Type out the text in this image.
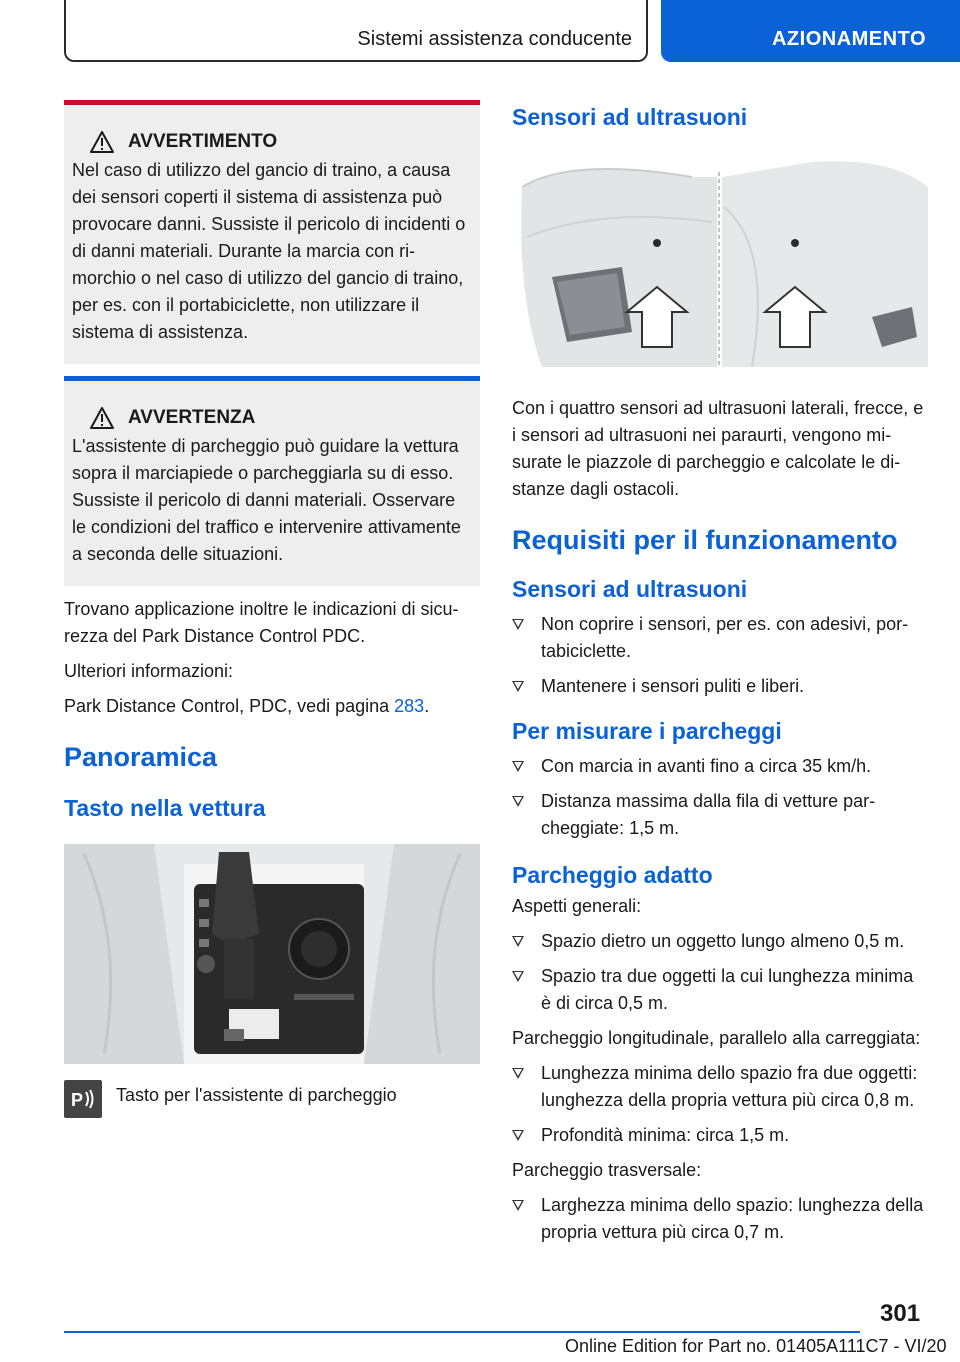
Sistemi assistenza conducente	AZIONAMENTO
AVVERTIMENTO

Nel caso di utilizzo del gancio di traino, a causa dei sensori coperti il sistema di assistenza può provocare danni. Sussiste il pericolo di incidenti o di danni materiali. Durante la marcia con rimorchio o nel caso di utilizzo del gancio di traino, per es. con il portabiciclette, non utilizzare il sistema di assistenza.

AVVERTENZA

L'assistente di parcheggio può guidare la vettura sopra il marciapiede o parcheggiarla su di esso. Sussiste il pericolo di danni materiali. Osservare le condizioni del traffico e intervenire attivamente a seconda delle situazioni.

Trovano applicazione inoltre le indicazioni di sicurezza del Park Distance Control PDC.

Ulteriori informazioni:

Park Distance Control, PDC, vedi pagina 283.

Panoramica
Tasto nella vettura
P Tasto per l'assistente di parcheggio
Sensori ad ultrasuoni

Con i quattro sensori ad ultrasuoni laterali, frecce, e i sensori ad ultrasuoni nei paraurti, vengono misurate le piazzole di parcheggio e calcolate le distanze dagli ostacoli.

Requisiti per il funzionamento
Sensori ad ultrasuoni
Non coprire i sensori, per es. con adesivi, portabiciclette.
Mantenere i sensori puliti e liberi.
Per misurare i parcheggi
Con marcia in avanti fino a circa 35 km/h.
Distanza massima dalla fila di vetture parcheggiate: 1,5 m.
Parcheggio adatto

Aspetti generali:

Spazio dietro un oggetto lungo almeno 0,5 m.
Spazio tra due oggetti la cui lunghezza minima è di circa 0,5 m.

Parcheggio longitudinale, parallelo alla carreggiata:

Lunghezza minima dello spazio fra due oggetti: lunghezza della propria vettura più circa 0,8 m.
Profondità minima: circa 1,5 m.

Parcheggio trasversale:

Larghezza minima dello spazio: lunghezza della propria vettura più circa 0,7 m.
301
Online Edition for Part no. 01405A111C7 - VI/20
